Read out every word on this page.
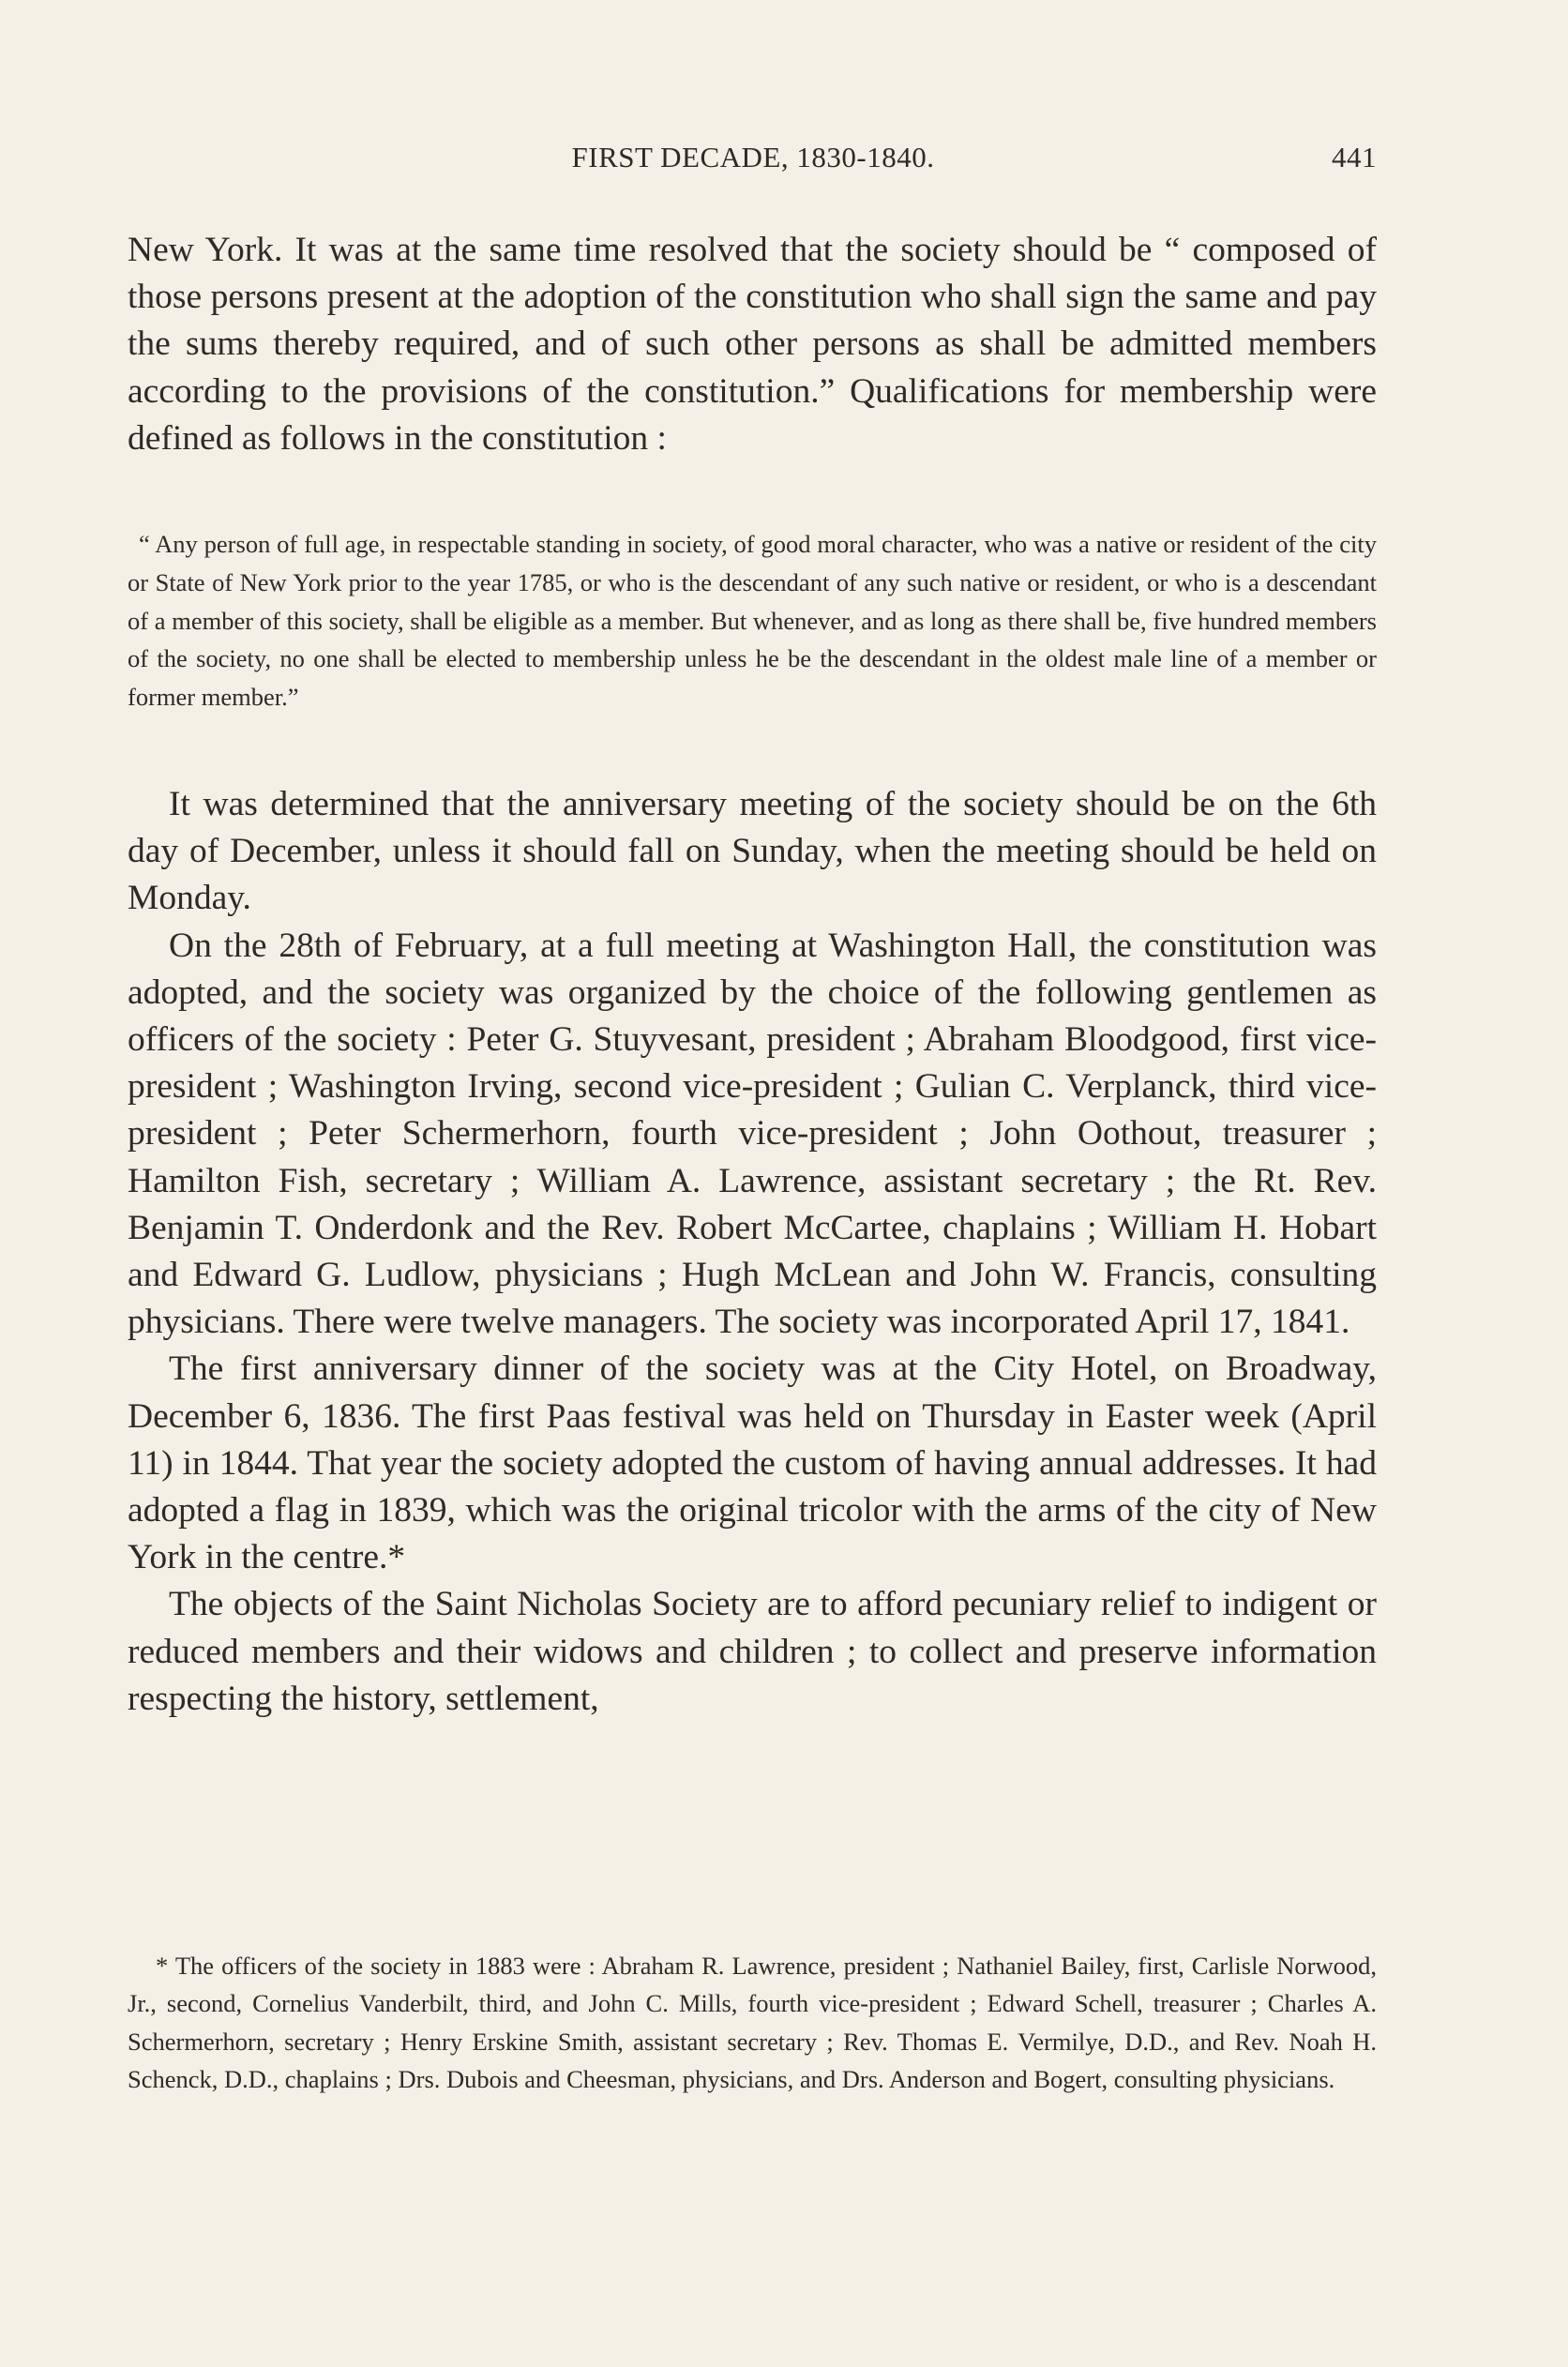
FIRST DECADE, 1830-1840.	441

New York. It was at the same time resolved that the society should be “ composed of those persons present at the adoption of the constitution who shall sign the same and pay the sums thereby required, and of such other persons as shall be admitted members according to the provisions of the constitution.” Qualifications for membership were defined as follows in the constitution :

“ Any person of full age, in respectable standing in society, of good moral character, who was a native or resident of the city or State of New York prior to the year 1785, or who is the descendant of any such native or resident, or who is a descendant of a member of this society, shall be eligible as a member. But whenever, and as long as there shall be, five hundred members of the society, no one shall be elected to membership unless he be the descendant in the oldest male line of a member or former member.”

It was determined that the anniversary meeting of the society should be on the 6th day of December, unless it should fall on Sunday, when the meeting should be held on Monday.

On the 28th of February, at a full meeting at Washington Hall, the constitution was adopted, and the society was organized by the choice of the following gentlemen as officers of the society : Peter G. Stuyvesant, president ; Abraham Bloodgood, first vice-president ; Washington Irving, second vice-president ; Gulian C. Verplanck, third vice-president ; Peter Schermerhorn, fourth vice-president ; John Oothout, treasurer ; Hamilton Fish, secretary ; William A. Lawrence, assistant secretary ; the Rt. Rev. Benjamin T. Onderdonk and the Rev. Robert McCartee, chaplains ; William H. Hobart and Edward G. Ludlow, physicians ; Hugh McLean and John W. Francis, consulting physicians. There were twelve managers. The society was incorporated April 17, 1841.

The first anniversary dinner of the society was at the City Hotel, on Broadway, December 6, 1836. The first Paas festival was held on Thursday in Easter week (April 11) in 1844. That year the society adopted the custom of having annual addresses. It had adopted a flag in 1839, which was the original tricolor with the arms of the city of New York in the centre.*

The objects of the Saint Nicholas Society are to afford pecuniary relief to indigent or reduced members and their widows and children ; to collect and preserve information respecting the history, settlement,

* The officers of the society in 1883 were : Abraham R. Lawrence, president ; Nathaniel Bailey, first, Carlisle Norwood, Jr., second, Cornelius Vanderbilt, third, and John C. Mills, fourth vice-president ; Edward Schell, treasurer ; Charles A. Schermerhorn, secretary ; Henry Erskine Smith, assistant secretary ; Rev. Thomas E. Vermilye, D.D., and Rev. Noah H. Schenck, D.D., chaplains ; Drs. Dubois and Cheesman, physicians, and Drs. Anderson and Bogert, consulting physicians.
